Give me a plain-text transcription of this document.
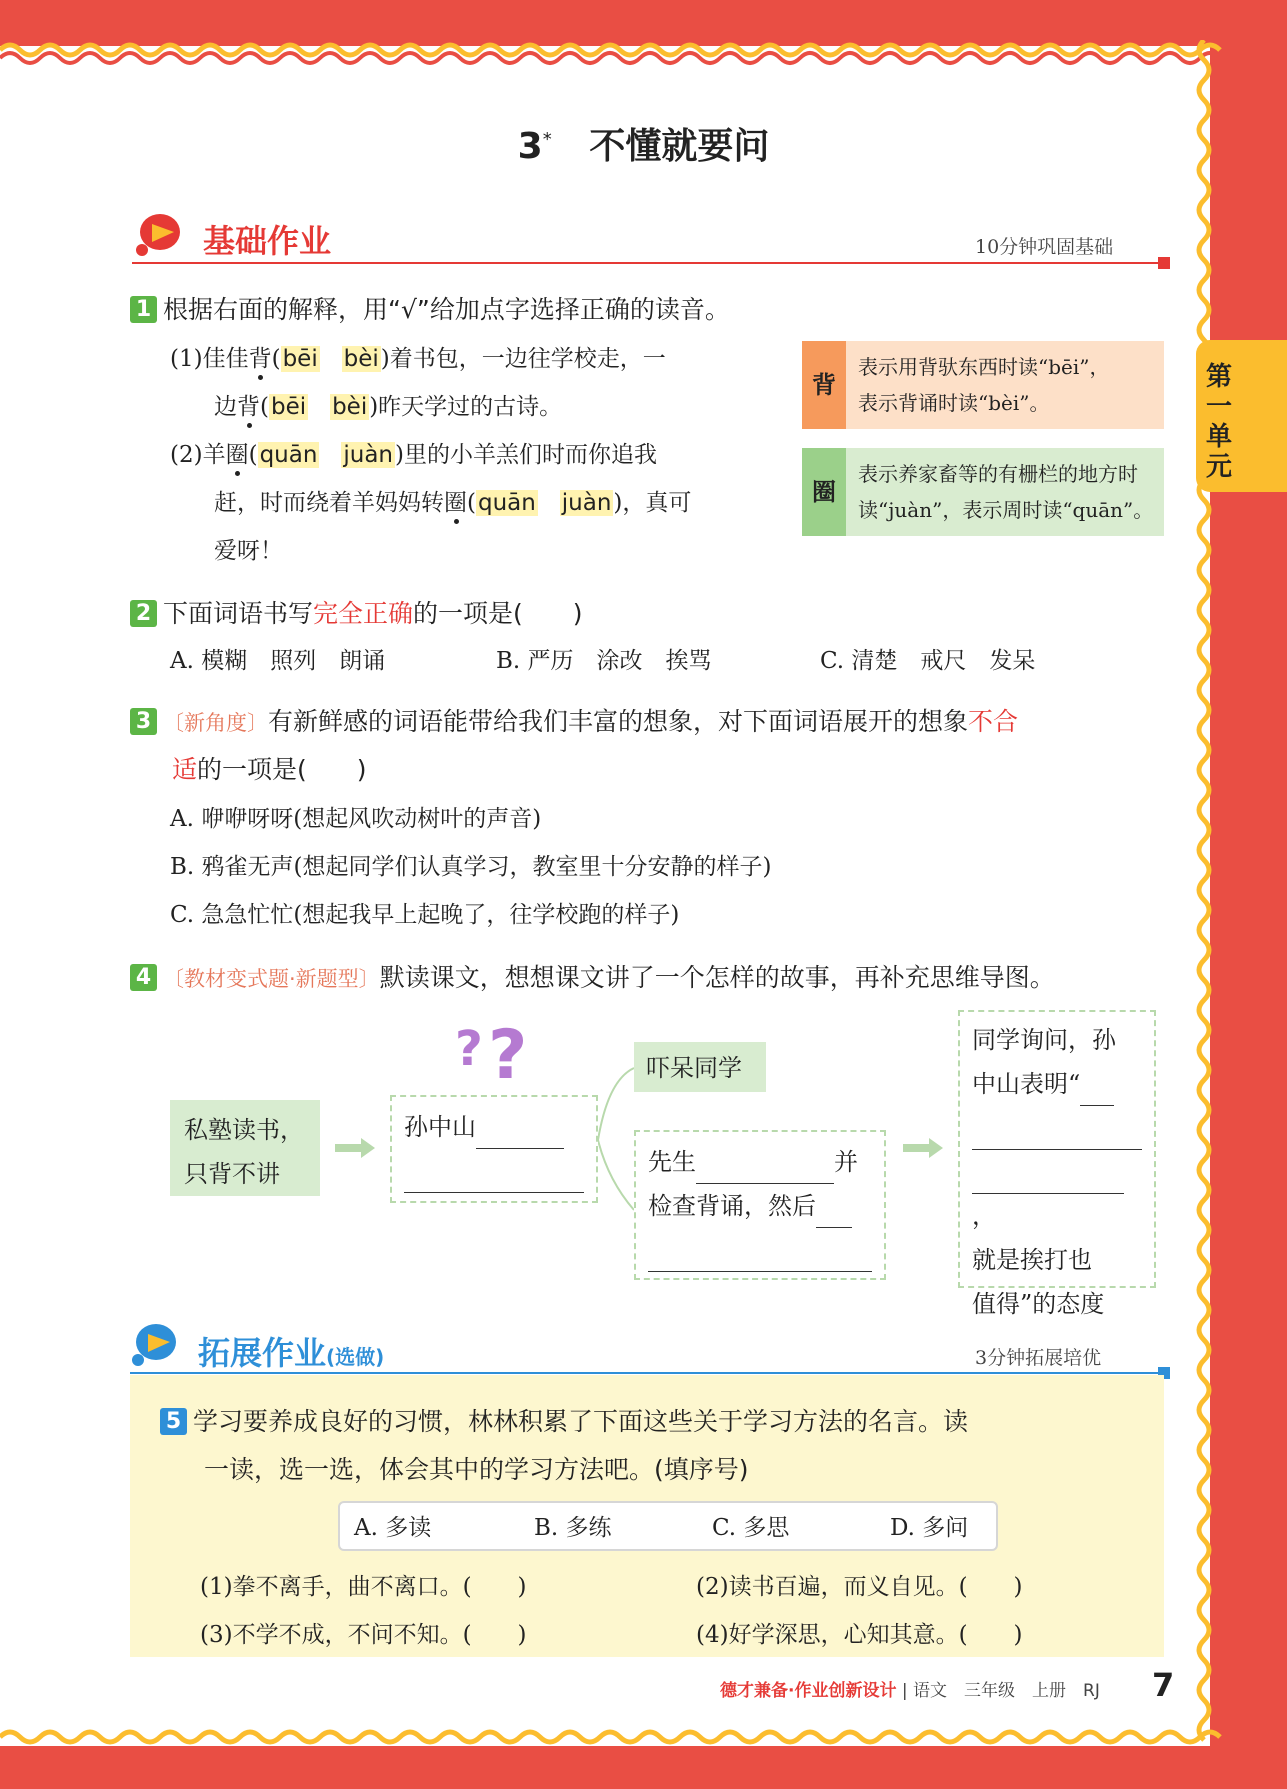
第一单元
3* 不懂就要问
基础作业	10分钟巩固基础
1 根据右面的解释，用“√”给加点字选择正确的读音。
(1)佳佳背(bēi bèi)着书包，一边往学校走，一
边背(bēi bèi)昨天学过的古诗。
(2)羊圈(quān juàn)里的小羊羔们时而你追我
赶，时而绕着羊妈妈转圈(quān juàn)，真可
爱呀！
背
表示用背驮东西时读“bēi”，
表示背诵时读“bèi”。
圈
表示养家畜等的有栅栏的地方时
读“juàn”，表示周时读“quān”。
2 下面词语书写完全正确的一项是(　　)
A. 模糊　照列　朗诵	B. 严历　涂改　挨骂	C. 清楚　戒尺　发呆
3 〔新角度〕有新鲜感的词语能带给我们丰富的想象，对下面词语展开的想象不合
适的一项是(　　)
A. 咿咿呀呀(想起风吹动树叶的声音)
B. 鸦雀无声(想起同学们认真学习，教室里十分安静的样子)
C. 急急忙忙(想起我早上起晚了，往学校跑的样子)
4 〔教材变式题·新题型〕默读课文，想想课文讲了一个怎样的故事，再补充思维导图。
? ?
私塾读书，
只背不讲
孙中山
吓呆同学
先生	并
检查背诵，然后
同学询问，孙
中山表明“
，
就是挨打也
值得”的态度
拓展作业(选做)	3分钟拓展培优
5 学习要养成良好的习惯，林林积累了下面这些关于学习方法的名言。读
一读，选一选，体会其中的学习方法吧。(填序号)
A. 多读	B. 多练	C. 多思	D. 多问
(1)拳不离手，曲不离口。(　　)	(2)读书百遍，而义自见。(　　)
(3)不学不成，不问不知。(　　)	(4)好学深思，心知其意。(　　)
德才兼备·作业创新设计 | 语文　三年级　上册　RJ 7
